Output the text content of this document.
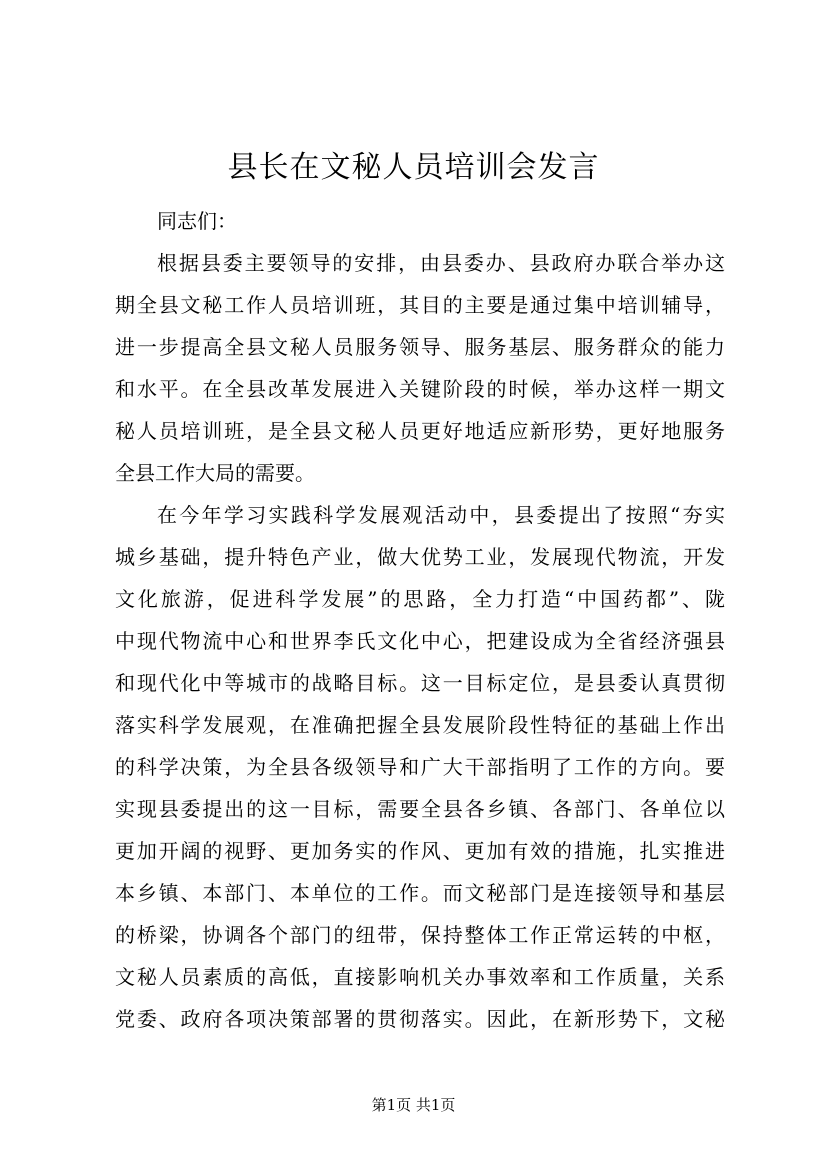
县长在文秘人员培训会发言
同志们：
根据县委主要领导的安排，由县委办、县政府办联合举办这
期全县文秘工作人员培训班，其目的主要是通过集中培训辅导，
进一步提高全县文秘人员服务领导、服务基层、服务群众的能力
和水平。在全县改革发展进入关键阶段的时候，举办这样一期文
秘人员培训班，是全县文秘人员更好地适应新形势，更好地服务
全县工作大局的需要。
在今年学习实践科学发展观活动中，县委提出了按照“夯实
城乡基础，提升特色产业，做大优势工业，发展现代物流，开发
文化旅游，促进科学发展”的思路，全力打造“中国药都”、陇
中现代物流中心和世界李氏文化中心，把建设成为全省经济强县
和现代化中等城市的战略目标。这一目标定位，是县委认真贯彻
落实科学发展观，在准确把握全县发展阶段性特征的基础上作出
的科学决策，为全县各级领导和广大干部指明了工作的方向。要
实现县委提出的这一目标，需要全县各乡镇、各部门、各单位以
更加开阔的视野、更加务实的作风、更加有效的措施，扎实推进
本乡镇、本部门、本单位的工作。而文秘部门是连接领导和基层
的桥梁，协调各个部门的纽带，保持整体工作正常运转的中枢，
文秘人员素质的高低，直接影响机关办事效率和工作质量，关系
党委、政府各项决策部署的贯彻落实。因此，在新形势下，文秘
第1页 共1页
